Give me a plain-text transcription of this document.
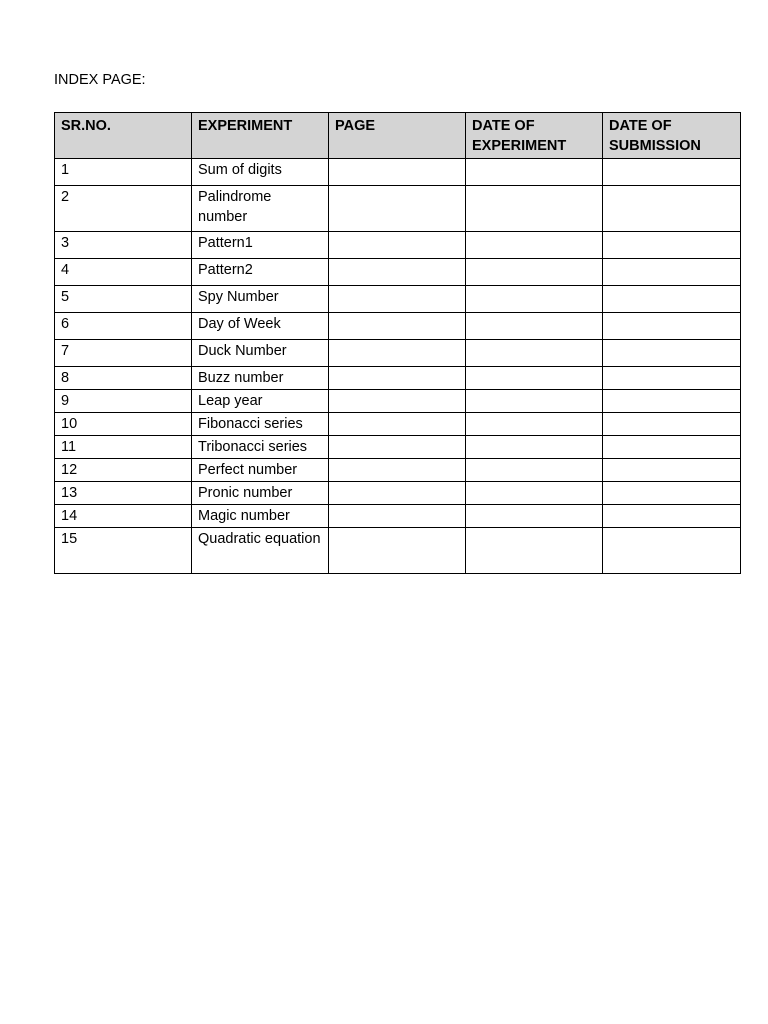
INDEX PAGE:
SR.NO.	EXPERIMENT	PAGE	DATE OF EXPERIMENT	DATE OF SUBMISSION
1	Sum of digits			
2	Palindrome number			
3	Pattern1			
4	Pattern2			
5	Spy Number			
6	Day of Week			
7	Duck Number			
8	Buzz number			
9	Leap year			
10	Fibonacci series			
11	Tribonacci series			
12	Perfect number			
13	Pronic number			
14	Magic number			
15	Quadratic equation			
